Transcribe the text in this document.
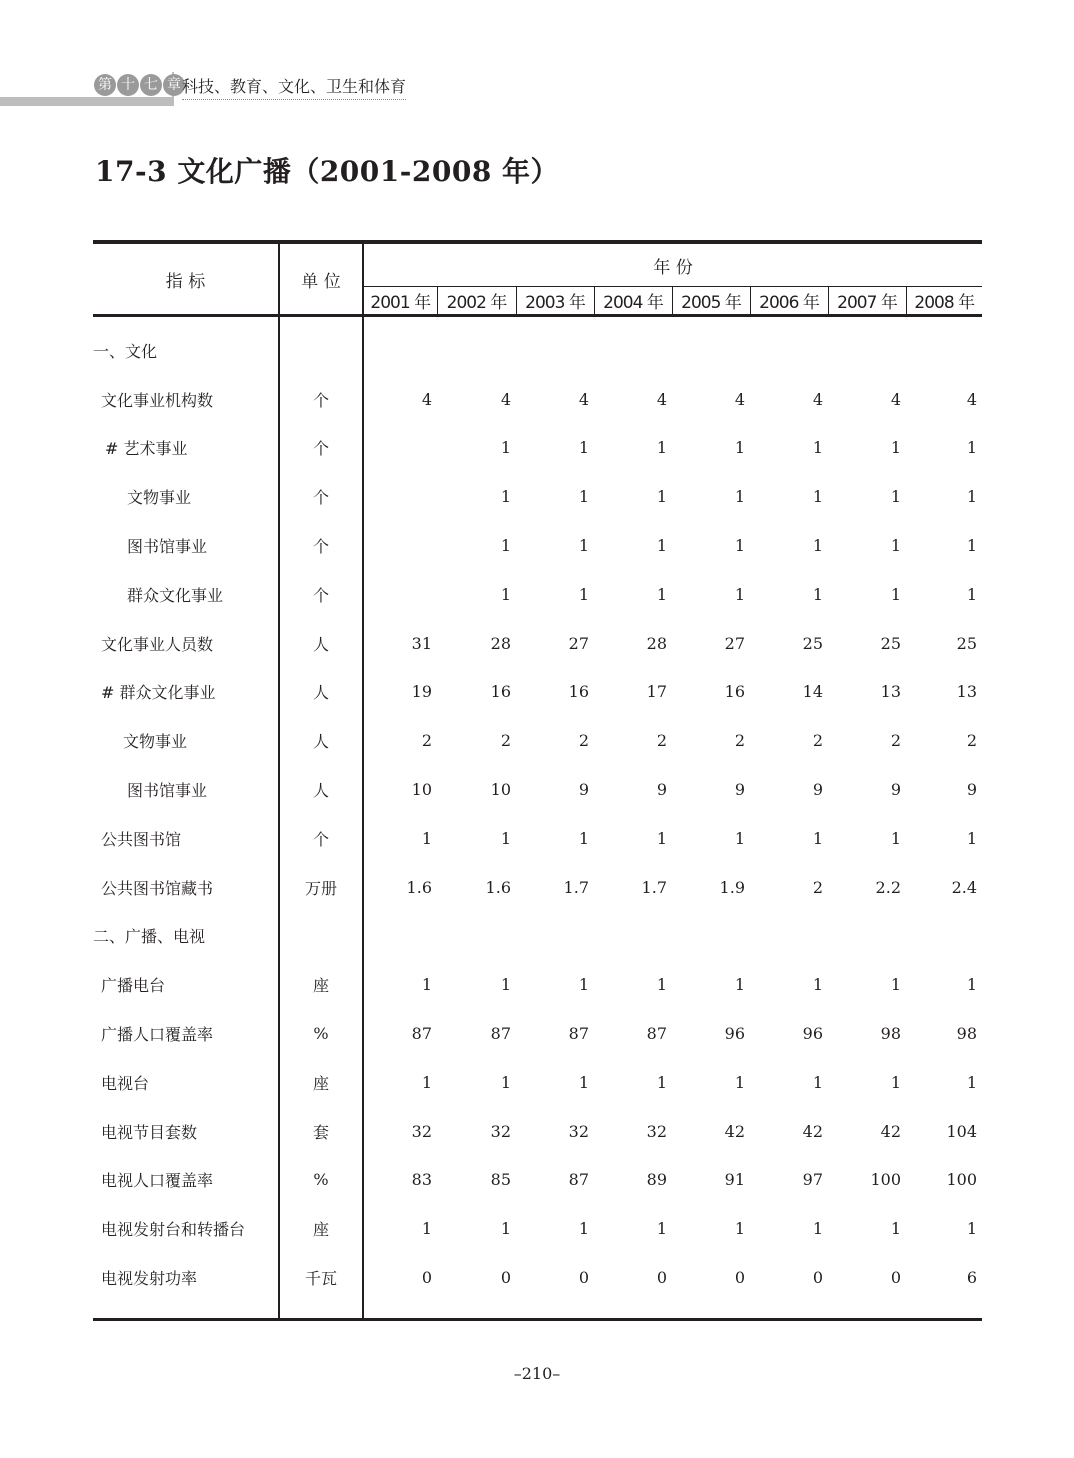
第 十 七 章 科技、教育、文化、卫生和体育
17-3 文化广播（2001-2008 年）
指 标	单 位	年 份							
		2001 年	2002 年	2003 年	2004 年	2005 年	2006 年	2007 年	2008 年

一、文化									
文化事业机构数	个	4	4	4	4	4	4	4	4
# 艺术事业	个		1	1	1	1	1	1	1
文物事业	个		1	1	1	1	1	1	1
图书馆事业	个		1	1	1	1	1	1	1
群众文化事业	个		1	1	1	1	1	1	1
文化事业人员数	人	31	28	27	28	27	25	25	25
# 群众文化事业	人	19	16	16	17	16	14	13	13
文物事业	人	2	2	2	2	2	2	2	2
图书馆事业	人	10	10	9	9	9	9	9	9
公共图书馆	个	1	1	1	1	1	1	1	1
公共图书馆藏书	万册	1.6	1.6	1.7	1.7	1.9	2	2.2	2.4
二、广播、电视									
广播电台	座	1	1	1	1	1	1	1	1
广播人口覆盖率	%	87	87	87	87	96	96	98	98
电视台	座	1	1	1	1	1	1	1	1
电视节目套数	套	32	32	32	32	42	42	42	104
电视人口覆盖率	%	83	85	87	89	91	97	100	100
电视发射台和转播台	座	1	1	1	1	1	1	1	1
电视发射功率	千瓦	0	0	0	0	0	0	0	6

–210–
